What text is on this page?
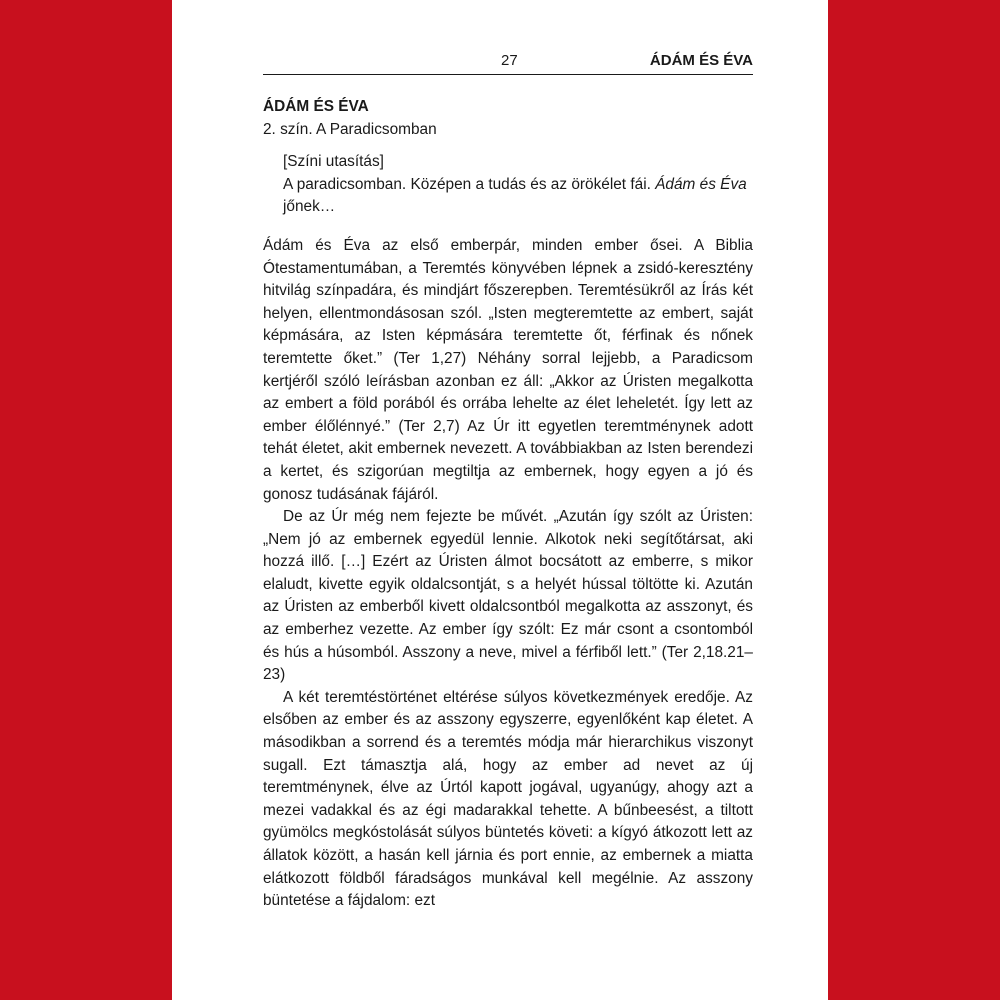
27	ÁDÁM ÉS ÉVA

ÁDÁM ÉS ÉVA

2. szín. A Paradicsomban

[Színi utasítás]

A paradicsomban. Középen a tudás és az örökélet fái. Ádám és Éva jőnek…

Ádám és Éva az első emberpár, minden ember ősei. A Biblia Ótestamentumában, a Teremtés könyvében lépnek a zsidó-keresztény hitvilág színpadára, és mindjárt főszerepben. Teremtésükről az Írás két helyen, ellentmondásosan szól. „Isten megteremtette az embert, saját képmására, az Isten képmására teremtette őt, férfinak és nőnek teremtette őket.” (Ter 1,27) Néhány sorral lejjebb, a Paradicsom kertjéről szóló leírásban azonban ez áll: „Akkor az Úristen megalkotta az embert a föld porából és orrába lehelte az élet leheletét. Így lett az ember élőlénnyé.” (Ter 2,7) Az Úr itt egyetlen teremtménynek adott tehát életet, akit embernek nevezett. A továbbiakban az Isten berendezi a kertet, és szigorúan megtiltja az embernek, hogy egyen a jó és gonosz tudásának fájáról.

De az Úr még nem fejezte be művét. „Azután így szólt az Úristen: „Nem jó az embernek egyedül lennie. Alkotok neki segítőtársat, aki hozzá illő. […] Ezért az Úristen álmot bocsátott az emberre, s mikor elaludt, kivette egyik oldalcsontját, s a helyét hússal töltötte ki. Azután az Úristen az emberből kivett oldalcsontból megalkotta az asszonyt, és az emberhez vezette. Az ember így szólt: Ez már csont a csontomból és hús a húsomból. Asszony a neve, mivel a férfiből lett.” (Ter 2,18.21–23)

A két teremtéstörténet eltérése súlyos következmények eredője. Az elsőben az ember és az asszony egyszerre, egyenlőként kap életet. A másodikban a sorrend és a teremtés módja már hierarchikus viszonyt sugall. Ezt támasztja alá, hogy az ember ad nevet az új teremtménynek, élve az Úrtól kapott jogával, ugyanúgy, ahogy azt a mezei vadakkal és az égi madarakkal tehette. A bűnbeesést, a tiltott gyümölcs megkóstolását súlyos büntetés követi: a kígyó átkozott lett az állatok között, a hasán kell járnia és port ennie, az embernek a miatta elátkozott földből fáradságos munkával kell megélnie. Az asszony büntetése a fájdalom: ezt
